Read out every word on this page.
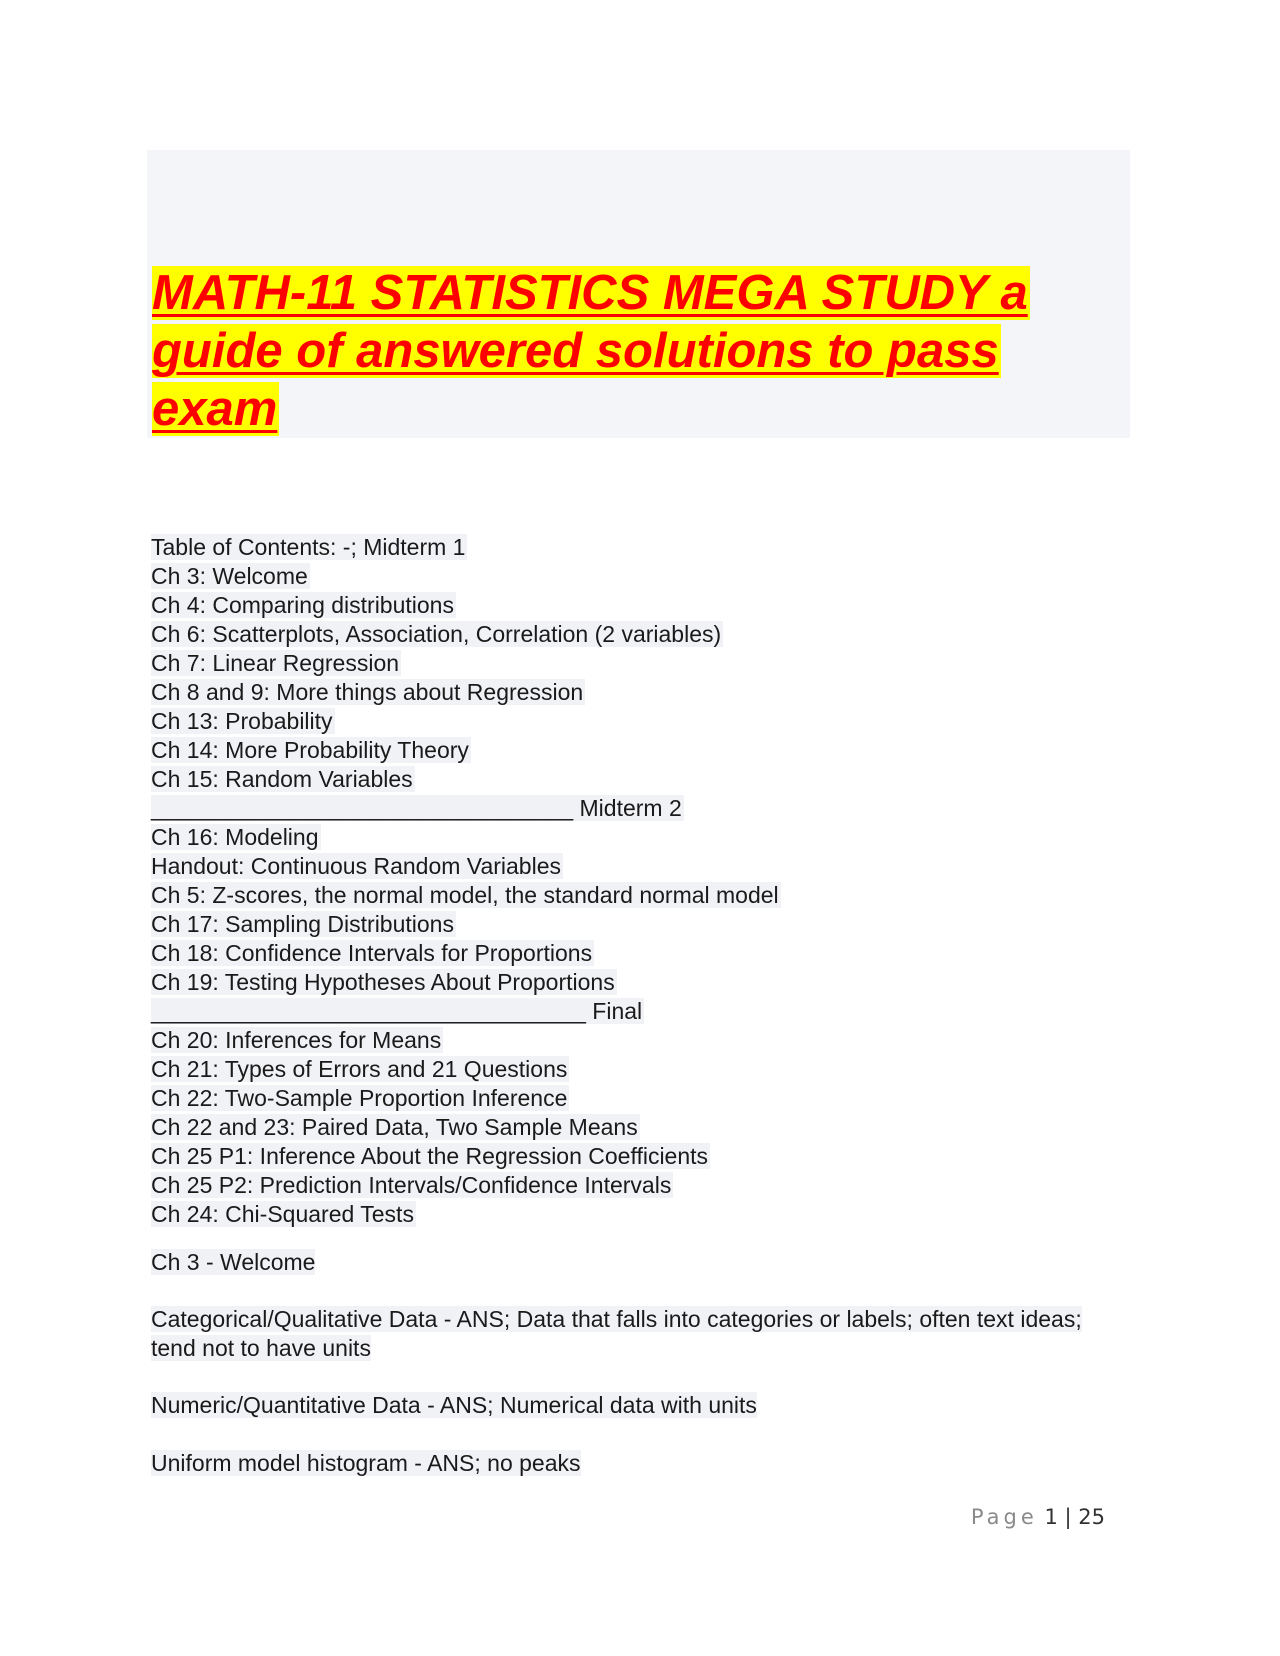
MATH-11 STATISTICS MEGA STUDY a
guide of answered solutions to pass
exam
Table of Contents: -; Midterm 1
Ch 3: Welcome
Ch 4: Comparing distributions
Ch 6: Scatterplots, Association, Correlation (2 variables)
Ch 7: Linear Regression
Ch 8 and 9: More things about Regression
Ch 13: Probability
Ch 14: More Probability Theory
Ch 15: Random Variables
_________________________________ Midterm 2
Ch 16: Modeling
Handout: Continuous Random Variables
Ch 5: Z-scores, the normal model, the standard normal model
Ch 17: Sampling Distributions
Ch 18: Confidence Intervals for Proportions
Ch 19: Testing Hypotheses About Proportions
__________________________________ Final
Ch 20: Inferences for Means
Ch 21: Types of Errors and 21 Questions
Ch 22: Two-Sample Proportion Inference
Ch 22 and 23: Paired Data, Two Sample Means
Ch 25 P1: Inference About the Regression Coefficients
Ch 25 P2: Prediction Intervals/Confidence Intervals
Ch 24: Chi-Squared Tests
Ch 3 - Welcome
Categorical/Qualitative Data - ANS; Data that falls into categories or labels; often text ideas; tend not to have units
Numeric/Quantitative Data - ANS; Numerical data with units
Uniform model histogram - ANS; no peaks
Page 1 | 25
